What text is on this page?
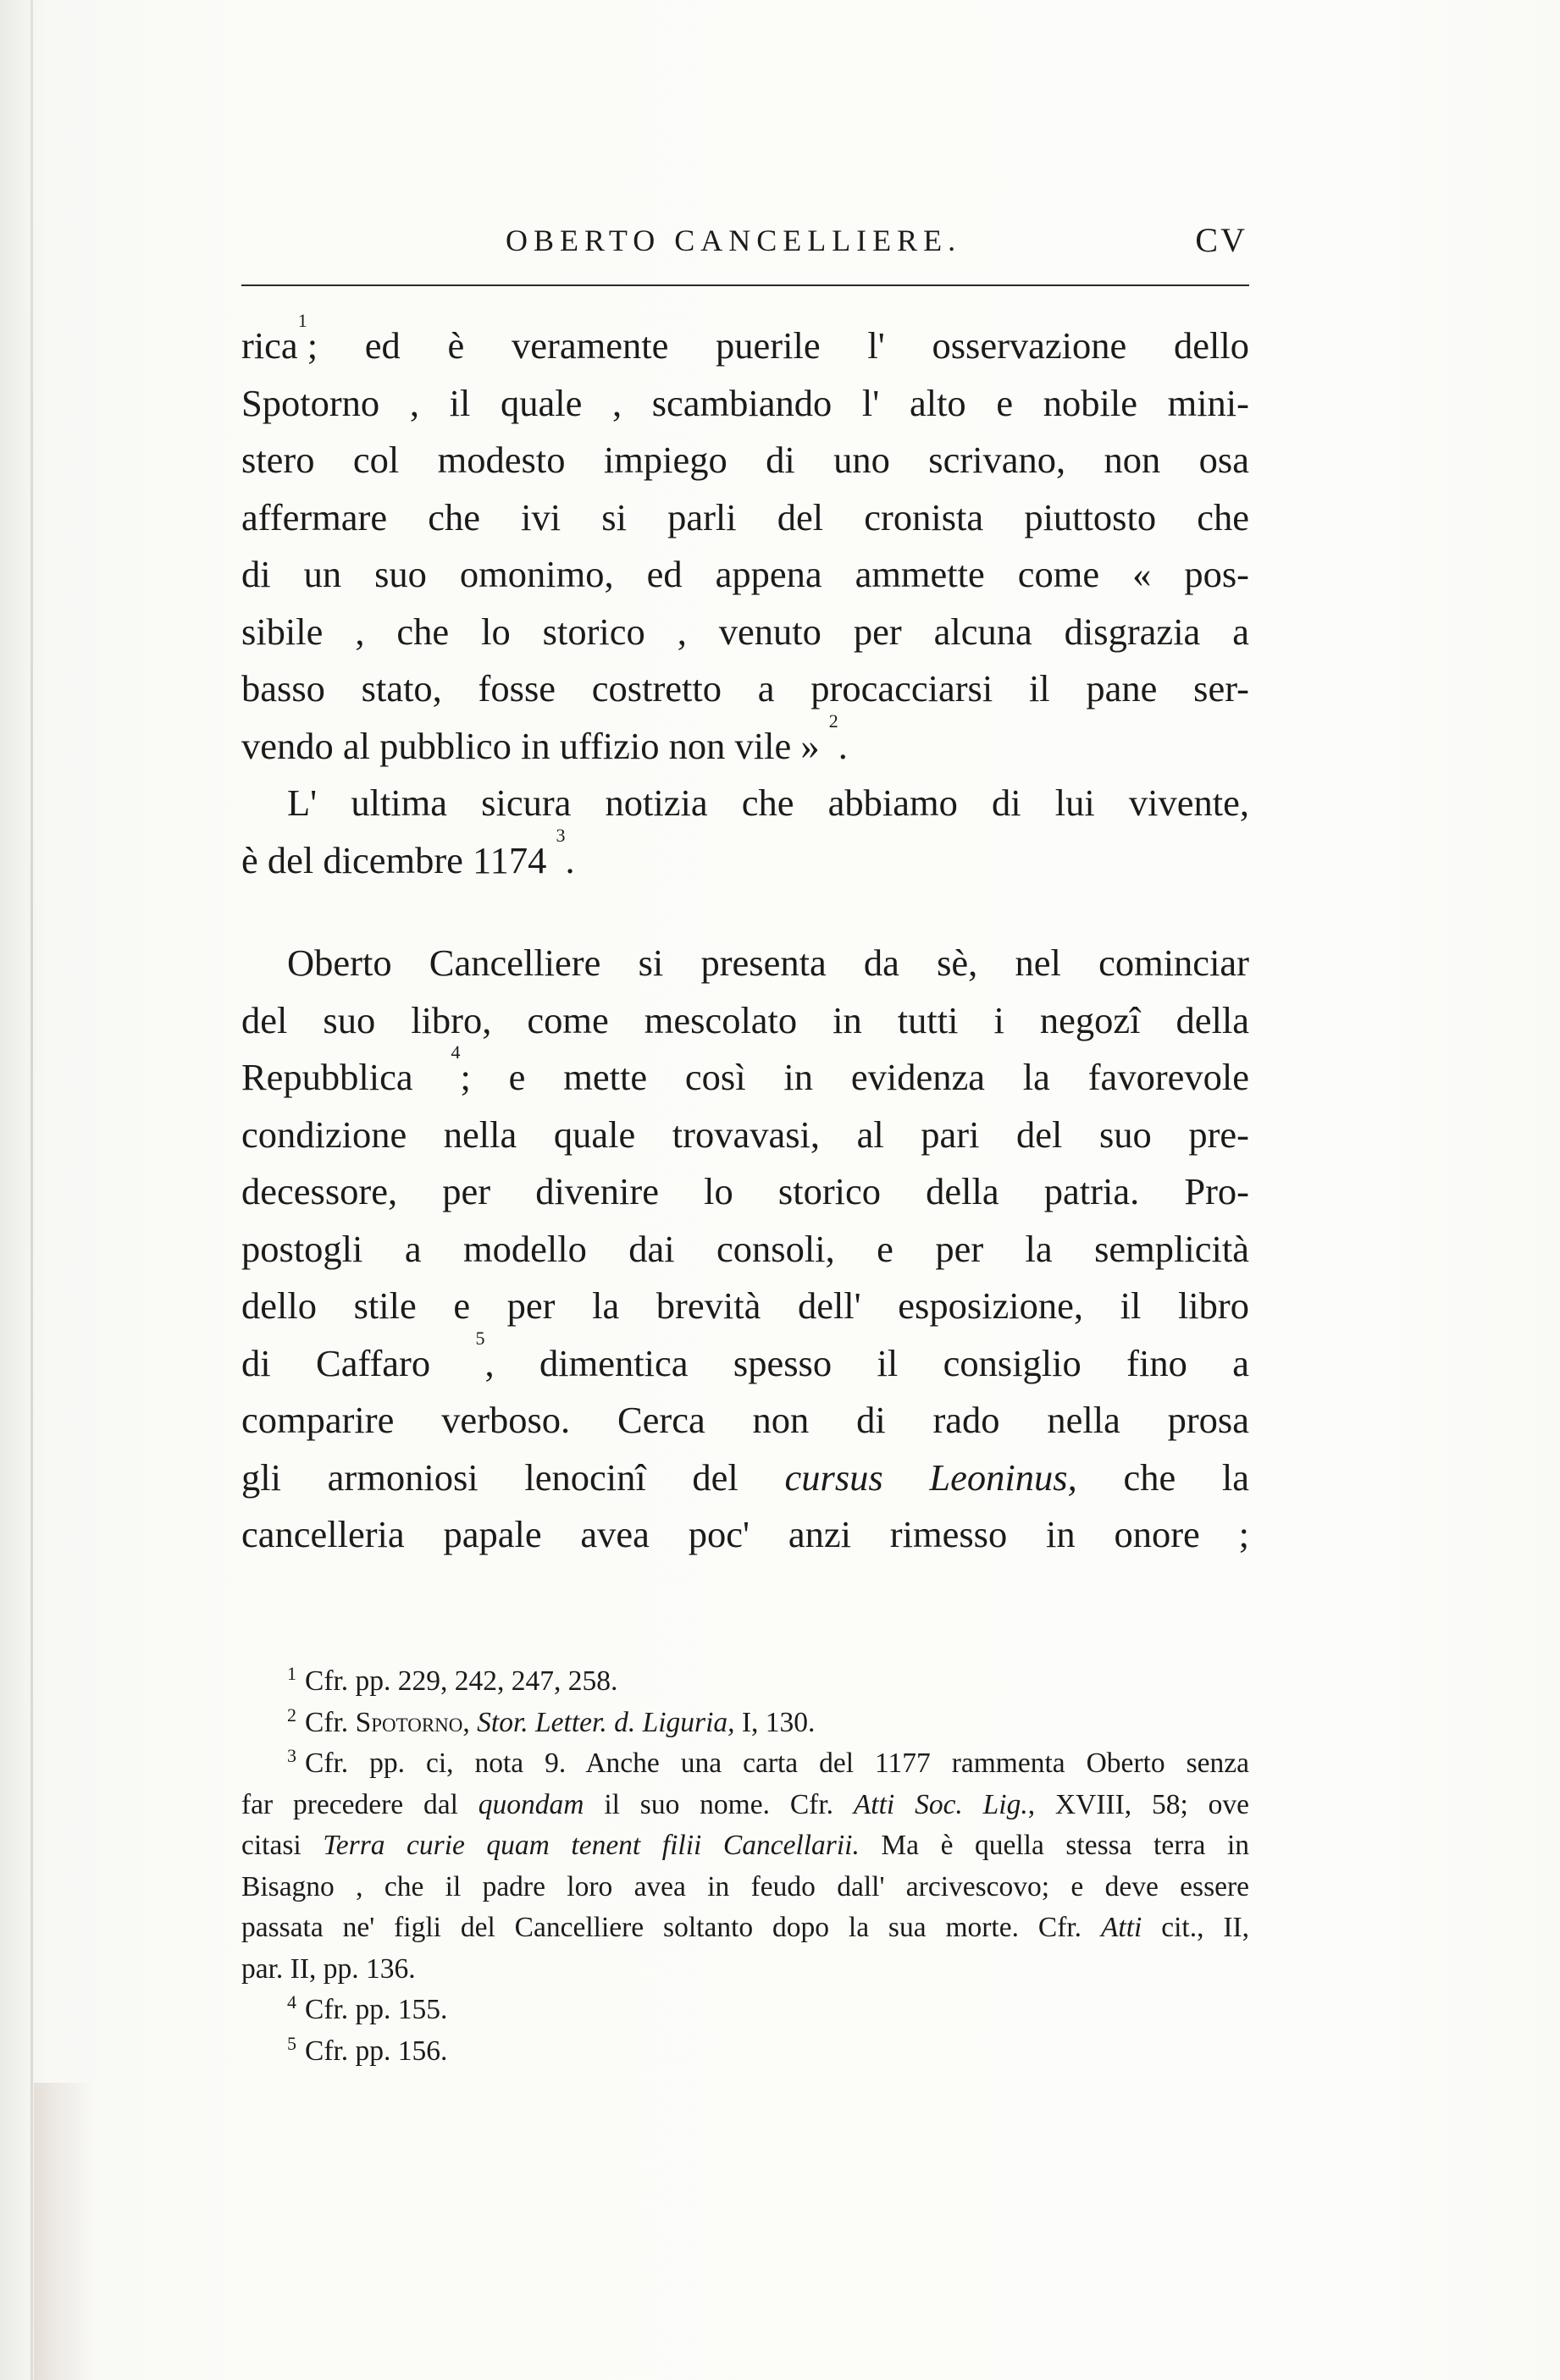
OBERTO CANCELLIERE.	CV
rica$^1$; ed è veramente puerile l' osservazione dello
Spotorno , il quale , scambiando l' alto e nobile mini-
stero col modesto impiego di uno scrivano, non osa
affermare che ivi si parli del cronista piuttosto che
di un suo omonimo, ed appena ammette come « pos-
sibile , che lo storico , venuto per alcuna disgrazia a
basso stato, fosse costretto a procacciarsi il pane ser-
vendo al pubblico in uffizio non vile » $^2$.
L' ultima sicura notizia che abbiamo di lui vivente,
è del dicembre 1174 $^3$.
Oberto Cancelliere si presenta da sè, nel cominciar
del suo libro, come mescolato in tutti i negozî della
Repubblica $^4$; e mette così in evidenza la favorevole
condizione nella quale trovavasi, al pari del suo pre-
decessore, per divenire lo storico della patria. Pro-
postogli a modello dai consoli, e per la semplicità
dello stile e per la brevità dell' esposizione, il libro
di Caffaro $^5$, dimentica spesso il consiglio fino a
comparire verboso. Cerca non di rado nella prosa
gli armoniosi lenocinî del cursus Leoninus, che la
cancelleria papale avea poc' anzi rimesso in onore ;
1 Cfr. pp. 229, 242, 247, 258.
2 Cfr. Spotorno, Stor. Letter. d. Liguria, I, 130.
3 Cfr. pp. ci, nota 9. Anche una carta del 1177 rammenta Oberto senza
far precedere dal quondam il suo nome. Cfr. Atti Soc. Lig., XVIII, 58; ove
citasi Terra curie quam tenent filii Cancellarii. Ma è quella stessa terra in
Bisagno , che il padre loro avea in feudo dall' arcivescovo; e deve essere
passata ne' figli del Cancelliere soltanto dopo la sua morte. Cfr. Atti cit., II,
par. II, pp. 136.
4 Cfr. pp. 155.
5 Cfr. pp. 156.
